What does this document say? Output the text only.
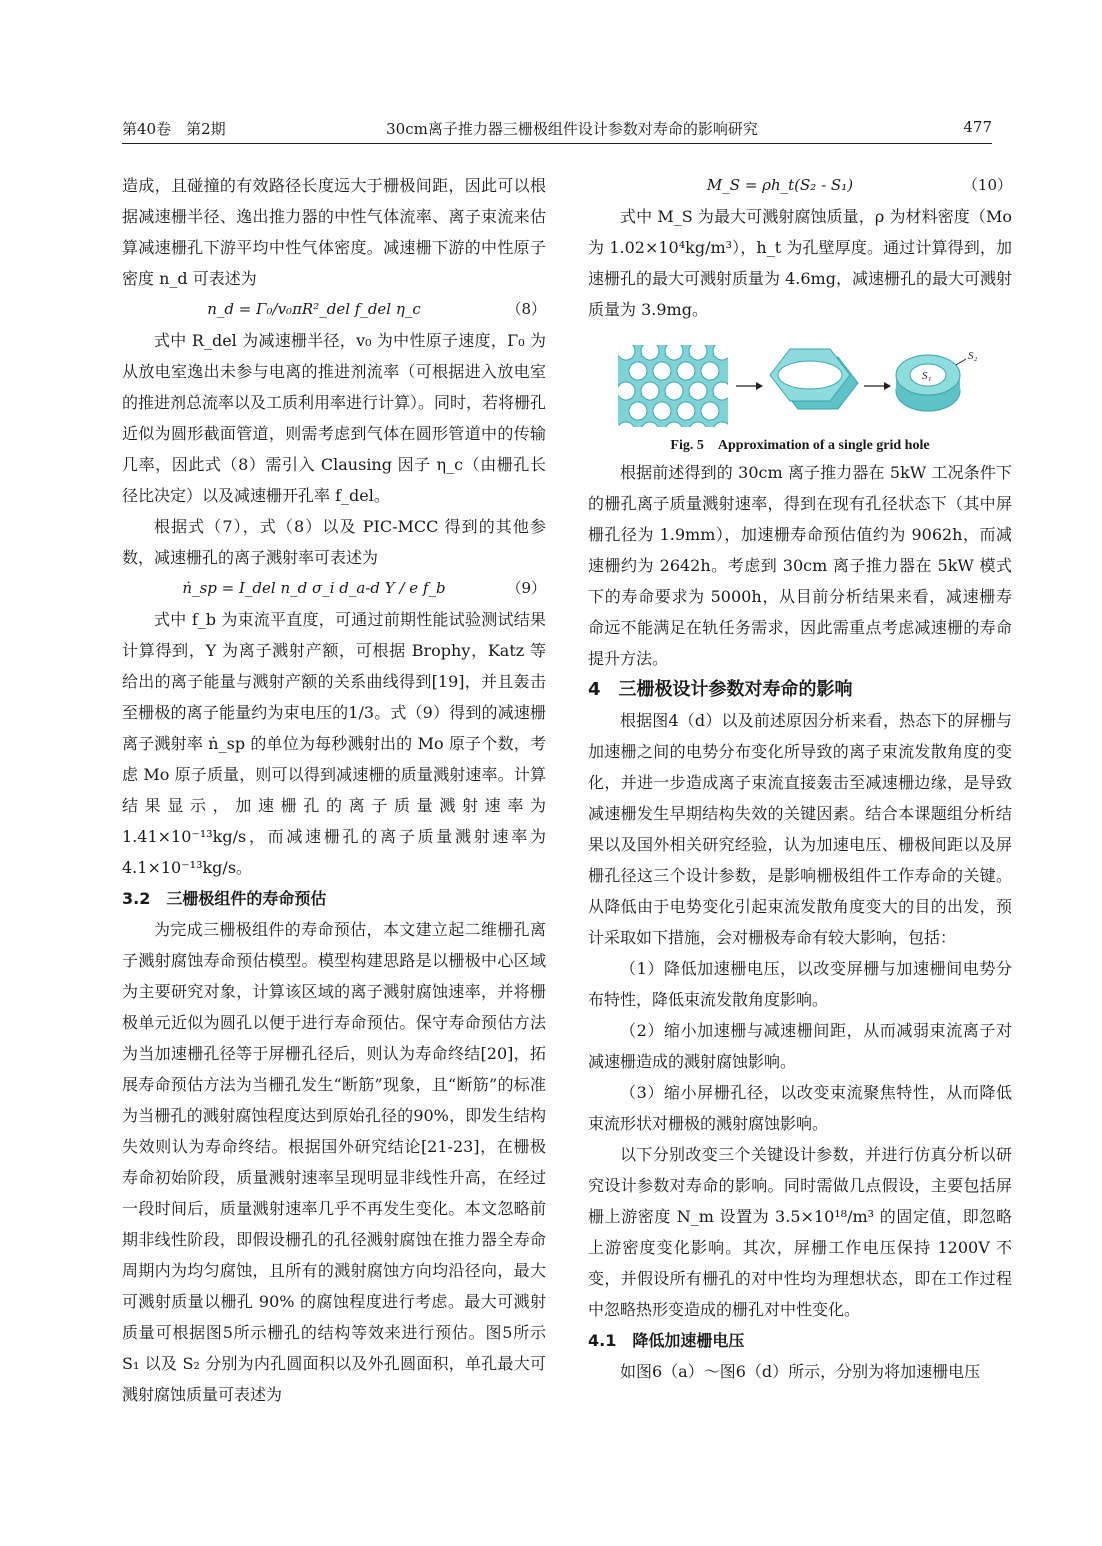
第40卷　第2期	30cm离子推力器三栅极组件设计参数对寿命的影响研究	477

造成，且碰撞的有效路径长度远大于栅极间距，因此可以根据减速栅半径、逸出推力器的中性气体流率、离子束流来估算减速栅孔下游平均中性气体密度。减速栅下游的中性原子密度 n_d 可表述为

n_d = Γ₀/v₀πR²_del f_del η_c	（8）

式中 R_del 为减速栅半径，v₀ 为中性原子速度，Γ₀ 为从放电室逸出未参与电离的推进剂流率（可根据进入放电室的推进剂总流率以及工质利用率进行计算）。同时，若将栅孔近似为圆形截面管道，则需考虑到气体在圆形管道中的传输几率，因此式（8）需引入 Clausing 因子 η_c（由栅孔长径比决定）以及减速栅开孔率 f_del。

根据式（7），式（8）以及 PIC-MCC 得到的其他参数，减速栅孔的离子溅射率可表述为

ṅ_sp = I_del n_d σ_i d_a-d Y / e f_b	（9）

式中 f_b 为束流平直度，可通过前期性能试验测试结果计算得到，Y 为离子溅射产额，可根据 Brophy，Katz 等给出的离子能量与溅射产额的关系曲线得到[19]，并且轰击至栅极的离子能量约为束电压的1/3。式（9）得到的减速栅离子溅射率 ṅ_sp 的单位为每秒溅射出的 Mo 原子个数，考虑 Mo 原子质量，则可以得到减速栅的质量溅射速率。计算结果显示，加速栅孔的离子质量溅射速率为 1.41×10⁻¹³kg/s，而减速栅孔的离子质量溅射速率为 4.1×10⁻¹³kg/s。

3.2　三栅极组件的寿命预估

为完成三栅极组件的寿命预估，本文建立起二维栅孔离子溅射腐蚀寿命预估模型。模型构建思路是以栅极中心区域为主要研究对象，计算该区域的离子溅射腐蚀速率，并将栅极单元近似为圆孔以便于进行寿命预估。保守寿命预估方法为当加速栅孔径等于屏栅孔径后，则认为寿命终结[20]，拓展寿命预估方法为当栅孔发生“断筋”现象，且“断筋”的标准为当栅孔的溅射腐蚀程度达到原始孔径的90%，即发生结构失效则认为寿命终结。根据国外研究结论[21-23]，在栅极寿命初始阶段，质量溅射速率呈现明显非线性升高，在经过一段时间后，质量溅射速率几乎不再发生变化。本文忽略前期非线性阶段，即假设栅孔的孔径溅射腐蚀在推力器全寿命周期内为均匀腐蚀，且所有的溅射腐蚀方向均沿径向，最大可溅射质量以栅孔 90% 的腐蚀程度进行考虑。最大可溅射质量可根据图5所示栅孔的结构等效来进行预估。图5所示 S₁ 以及 S₂ 分别为内孔圆面积以及外孔圆面积，单孔最大可溅射腐蚀质量可表述为

M_S = ρh_t(S₂ - S₁)	（10）

式中 M_S 为最大可溅射腐蚀质量，ρ 为材料密度（Mo 为 1.02×10⁴kg/m³），h_t 为孔壁厚度。通过计算得到，加速栅孔的最大可溅射质量为 4.6mg，减速栅孔的最大可溅射质量为 3.9mg。

S₁
S₂

Fig. 5　Approximation of a single grid hole

根据前述得到的 30cm 离子推力器在 5kW 工况条件下的栅孔离子质量溅射速率，得到在现有孔径状态下（其中屏栅孔径为 1.9mm），加速栅寿命预估值约为 9062h，而减速栅约为 2642h。考虑到 30cm 离子推力器在 5kW 模式下的寿命要求为 5000h，从目前分析结果来看，减速栅寿命远不能满足在轨任务需求，因此需重点考虑减速栅的寿命提升方法。

4　三栅极设计参数对寿命的影响

根据图4（d）以及前述原因分析来看，热态下的屏栅与加速栅之间的电势分布变化所导致的离子束流发散角度的变化，并进一步造成离子束流直接轰击至减速栅边缘，是导致减速栅发生早期结构失效的关键因素。结合本课题组分析结果以及国外相关研究经验，认为加速电压、栅极间距以及屏栅孔径这三个设计参数，是影响栅极组件工作寿命的关键。从降低由于电势变化引起束流发散角度变大的目的出发，预计采取如下措施，会对栅极寿命有较大影响，包括：

（1）降低加速栅电压，以改变屏栅与加速栅间电势分布特性，降低束流发散角度影响。

（2）缩小加速栅与减速栅间距，从而减弱束流离子对减速栅造成的溅射腐蚀影响。

（3）缩小屏栅孔径，以改变束流聚焦特性，从而降低束流形状对栅极的溅射腐蚀影响。

以下分别改变三个关键设计参数，并进行仿真分析以研究设计参数对寿命的影响。同时需做几点假设，主要包括屏栅上游密度 N_m 设置为 3.5×10¹⁸/m³ 的固定值，即忽略上游密度变化影响。其次，屏栅工作电压保持 1200V 不变，并假设所有栅孔的对中性均为理想状态，即在工作过程中忽略热形变造成的栅孔对中性变化。

4.1　降低加速栅电压

如图6（a）～图6（d）所示，分别为将加速栅电压
